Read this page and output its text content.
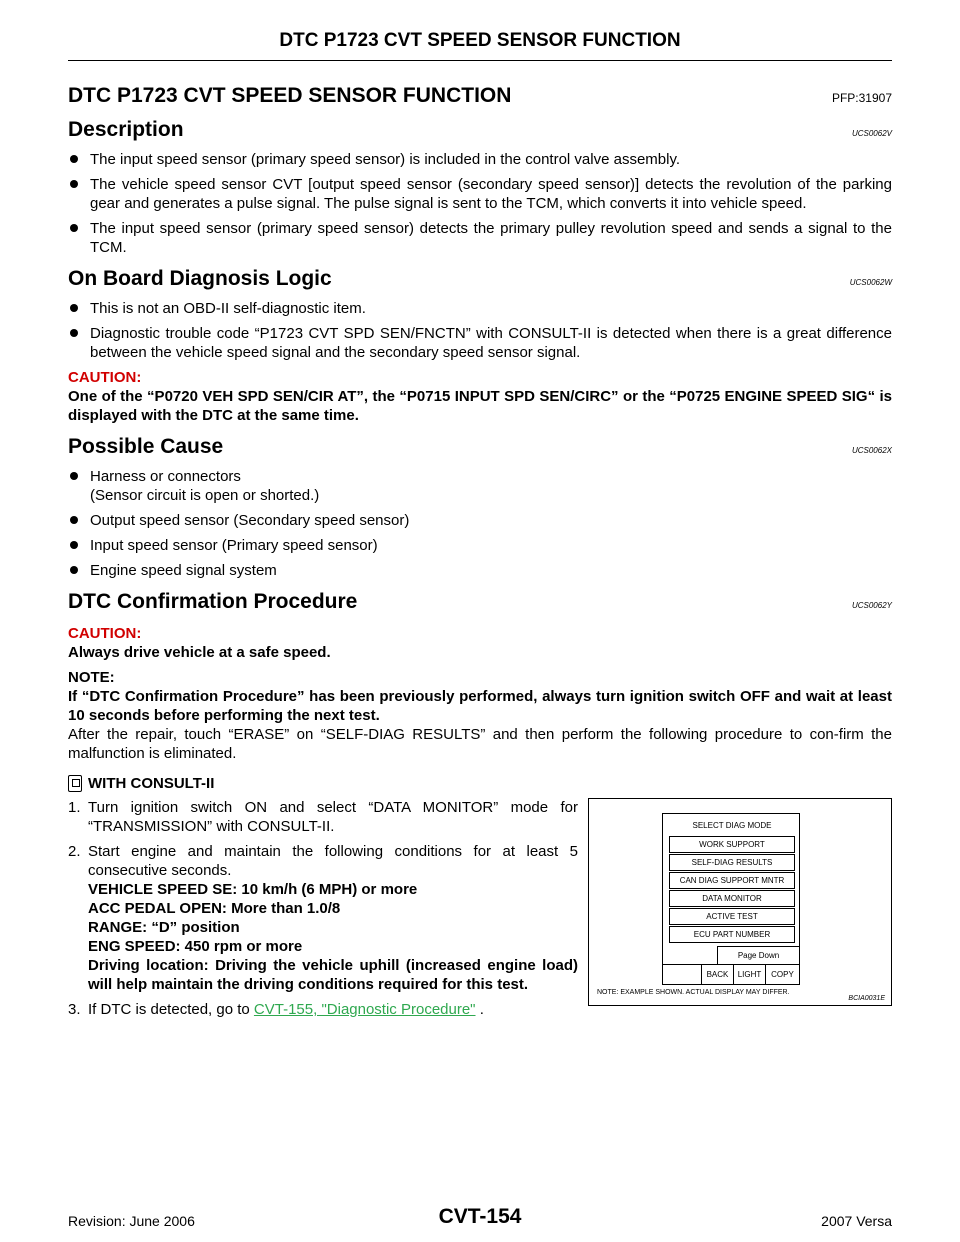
DTC P1723 CVT SPEED SENSOR FUNCTION
DTC P1723 CVT SPEED SENSOR FUNCTION	PFP:31907
Description	UCS0062V
The input speed sensor (primary speed sensor) is included in the control valve assembly.
The vehicle speed sensor CVT [output speed sensor (secondary speed sensor)] detects the revolution of the parking gear and generates a pulse signal. The pulse signal is sent to the TCM, which converts it into vehicle speed.
The input speed sensor (primary speed sensor) detects the primary pulley revolution speed and sends a signal to the TCM.
On Board Diagnosis Logic	UCS0062W
This is not an OBD-II self-diagnostic item.
Diagnostic trouble code “P1723 CVT SPD SEN/FNCTN” with CONSULT-II is detected when there is a great difference between the vehicle speed signal and the secondary speed sensor signal.
CAUTION:
One of the “P0720 VEH SPD SEN/CIR AT”, the “P0715 INPUT SPD SEN/CIRC” or the “P0725 ENGINE SPEED SIG“ is displayed with the DTC at the same time.
Possible Cause	UCS0062X
Harness or connectors
(Sensor circuit is open or shorted.)
Output speed sensor (Secondary speed sensor)
Input speed sensor (Primary speed sensor)
Engine speed signal system
DTC Confirmation Procedure	UCS0062Y
CAUTION:
Always drive vehicle at a safe speed.
NOTE:
If “DTC Confirmation Procedure” has been previously performed, always turn ignition switch OFF and wait at least 10 seconds before performing the next test.
After the repair, touch “ERASE” on “SELF-DIAG RESULTS” and then perform the following procedure to con-firm the malfunction is eliminated.
WITH CONSULT-II
1. Turn ignition switch ON and select “DATA MONITOR” mode for “TRANSMISSION” with CONSULT-II.
2. Start engine and maintain the following conditions for at least 5 consecutive seconds.
VEHICLE SPEED SE: 10 km/h (6 MPH) or more
ACC PEDAL OPEN: More than 1.0/8
RANGE: “D” position
ENG SPEED: 450 rpm or more
Driving location: Driving the vehicle uphill (increased engine load) will help maintain the driving conditions required for this test.
3. If DTC is detected, go to CVT-155, "Diagnostic Procedure" .
SELECT DIAG MODE
WORK SUPPORT
SELF-DIAG RESULTS
CAN DIAG SUPPORT MNTR
DATA MONITOR
ACTIVE TEST
ECU PART NUMBER
Page Down
BACK	LIGHT	COPY
NOTE: EXAMPLE SHOWN. ACTUAL DISPLAY MAY DIFFER.
BCIA0031E
Revision: June 2006	CVT-154	2007 Versa
